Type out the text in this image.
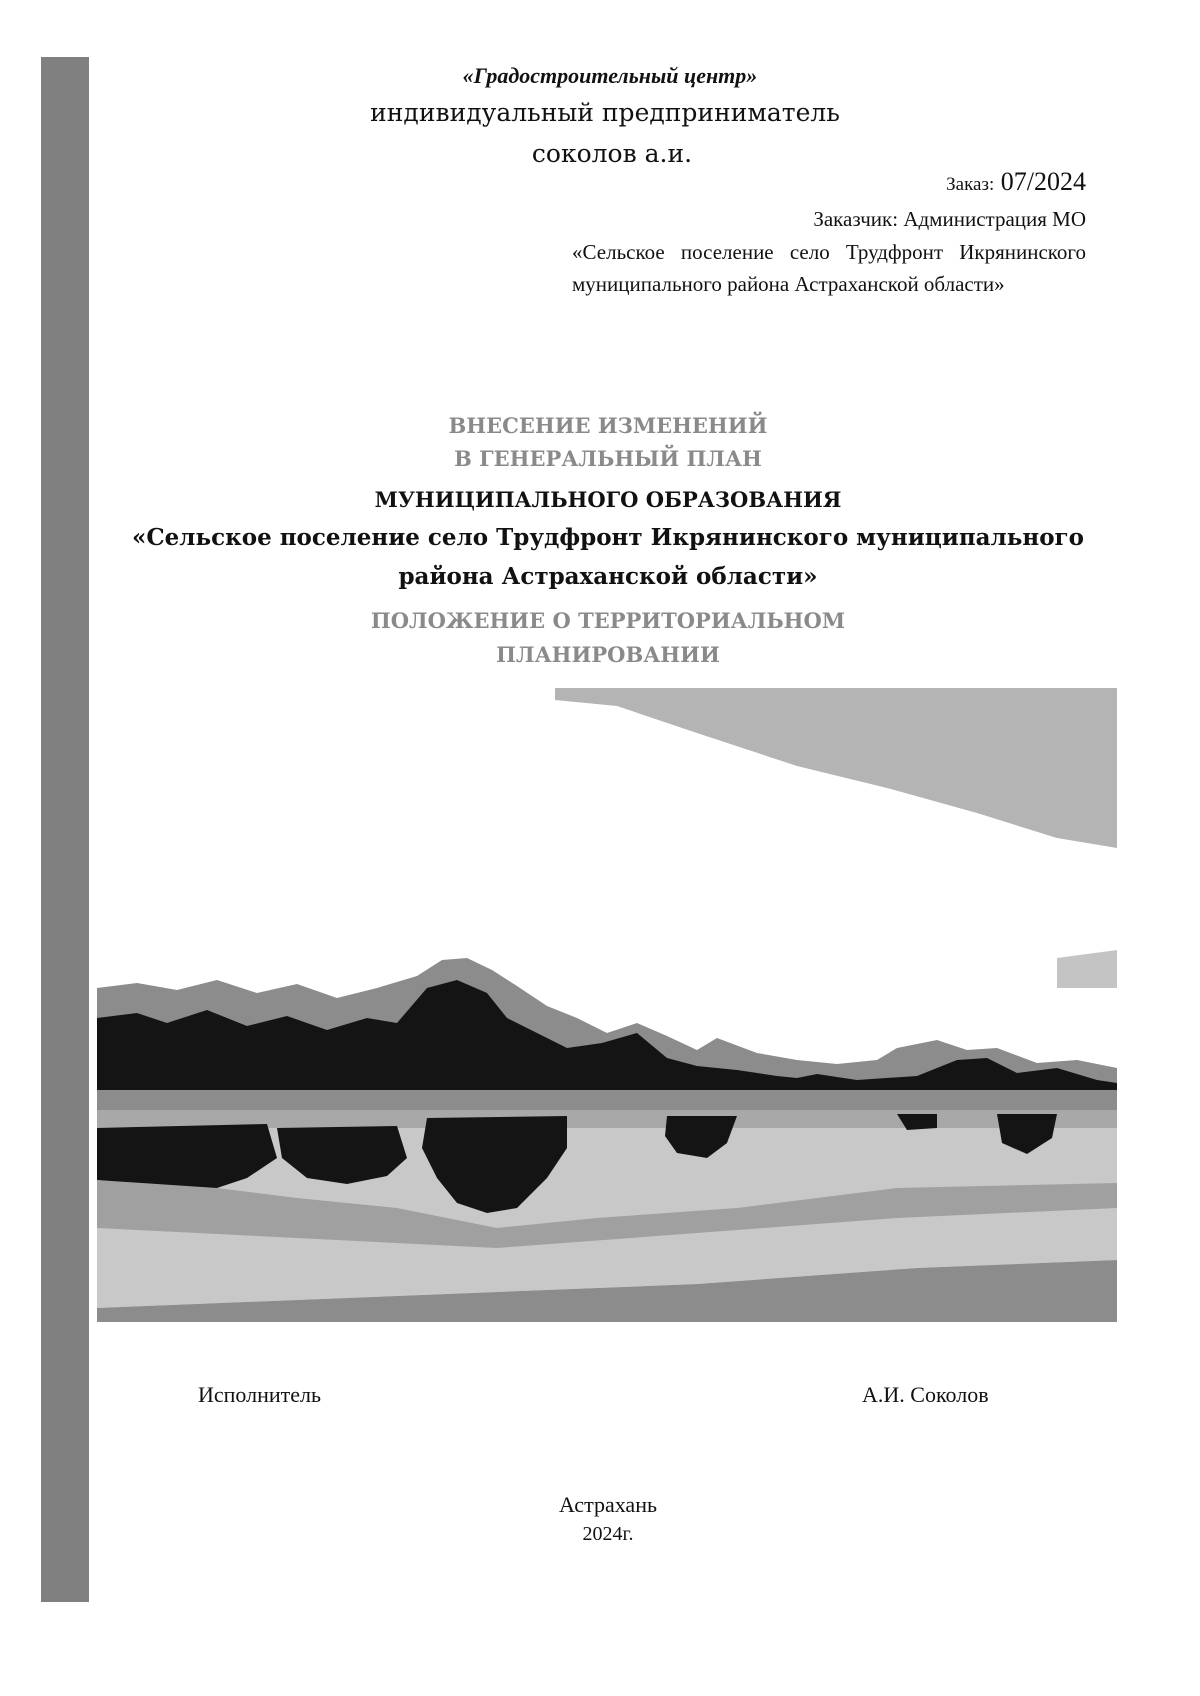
«Градостроительный центр»
индивидуальный предприниматель
соколов а.и.
Заказ: 07/2024
Заказчик: Администрация МО
«Сельское поселение село Трудфронт Икрянинского муниципального района Астраханской области»
ВНЕСЕНИЕ ИЗМЕНЕНИЙ
В ГЕНЕРАЛЬНЫЙ ПЛАН
МУНИЦИПАЛЬНОГО ОБРАЗОВАНИЯ
«Сельское поселение село Трудфронт Икрянинского муниципального
района Астраханской области»
ПОЛОЖЕНИЕ О ТЕРРИТОРИАЛЬНОМ
ПЛАНИРОВАНИИ
Исполнитель	А.И. Соколов
Астрахань
2024г.
